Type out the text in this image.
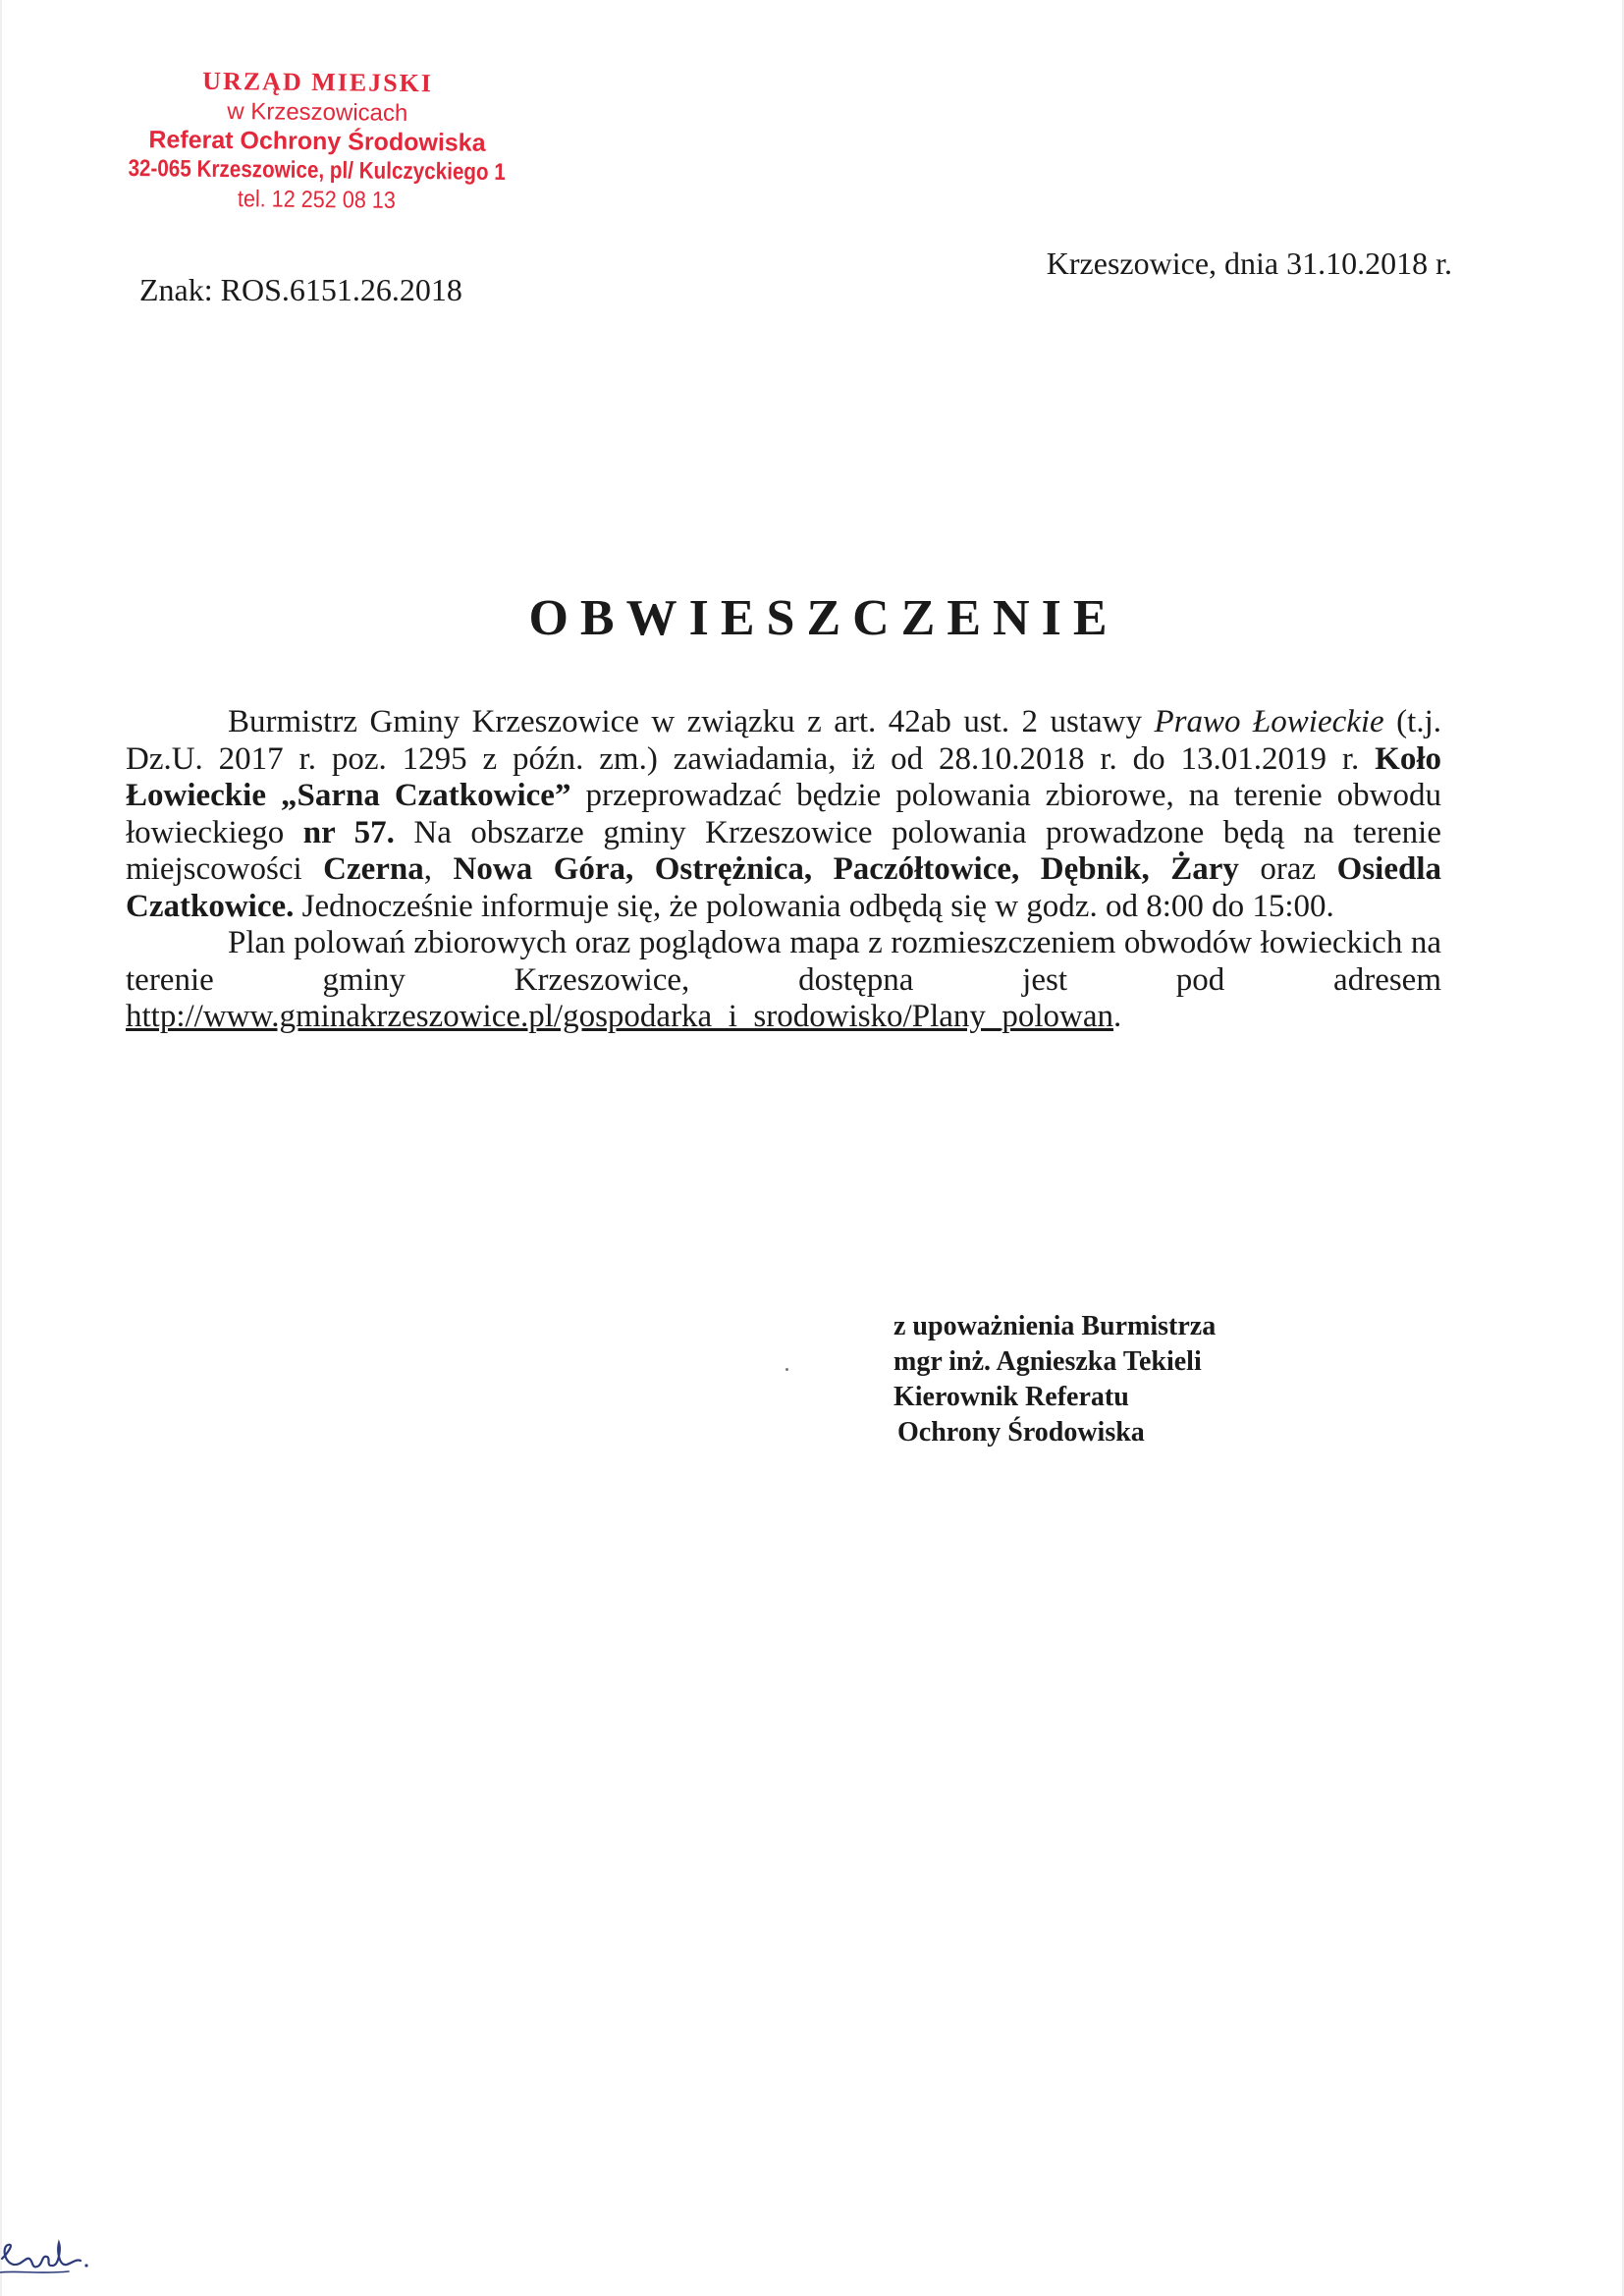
URZĄD MIEJSKI
w Krzeszowicach
Referat Ochrony Środowiska
32-065 Krzeszowice, pl/ Kulczyckiego 1
tel. 12 252 08 13
Znak: ROS.6151.26.2018
Krzeszowice, dnia 31.10.2018 r.
OBWIESZCZENIE

Burmistrz Gminy Krzeszowice w związku z art. 42ab ust. 2 ustawy Prawo Łowieckie (t.j. Dz.U. 2017 r. poz. 1295 z późn. zm.) zawiadamia, iż od 28.10.2018 r. do 13.01.2019 r. Koło Łowieckie „Sarna Czatkowice” przeprowadzać będzie polowania zbiorowe, na terenie obwodu łowieckiego nr 57. Na obszarze gminy Krzeszowice polowania prowadzone będą na terenie miejscowości Czerna, Nowa Góra, Ostrężnica, Paczółtowice, Dębnik, Żary oraz Osiedla Czatkowice. Jednocześnie informuje się, że polowania odbędą się w godz. od 8:00 do 15:00.

Plan polowań zbiorowych oraz poglądowa mapa z rozmieszczeniem obwodów łowieckich na terenie gminy Krzeszowice, dostępna jest pod adresem http://www.gminakrzeszowice.pl/gospodarka_i_srodowisko/Plany_polowan.

z upoważnienia Burmistrza
mgr inż. Agnieszka Tekieli
Kierownik Referatu
Ochrony Środowiska
